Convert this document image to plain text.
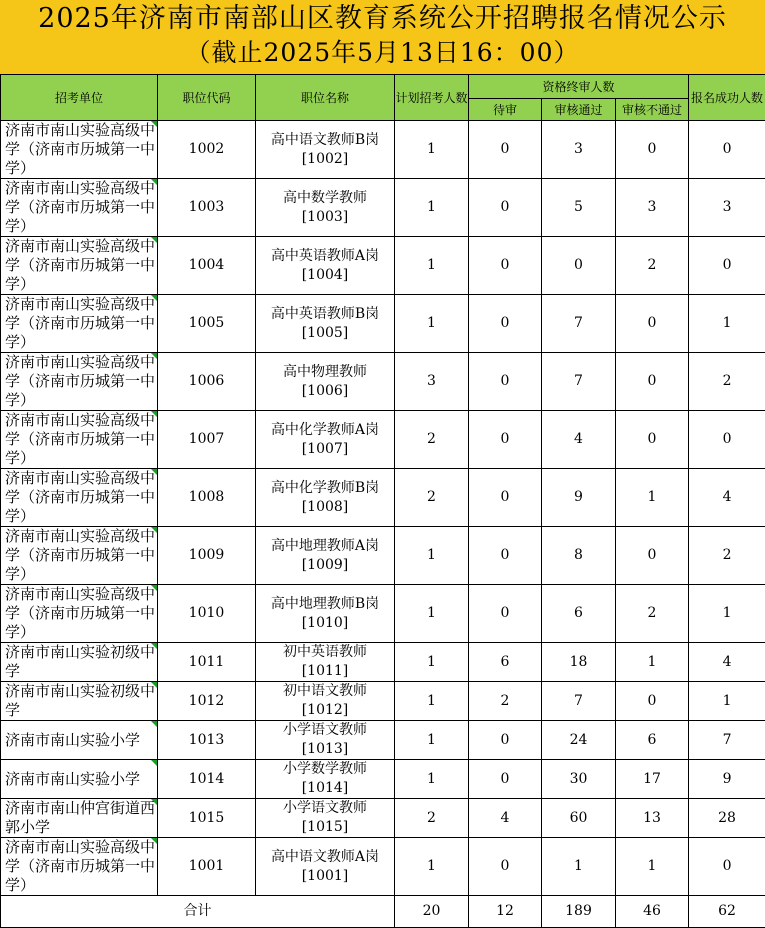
2025年济南市南部山区教育系统公开招聘报名情况公示
（截止2025年5月13日16：00）
招考单位	职位代码	职位名称	计划招考人数	资格终审人数			报名成功人数
				待审	审核通过	审核不通过	

济南市南山实验高级中学（济南市历城第一中学）	1002	高中语文教师B岗[1002]	1	0	3	0	0

济南市南山实验高级中学（济南市历城第一中学）	1003	高中数学教师[1003]	1	0	5	3	3

济南市南山实验高级中学（济南市历城第一中学）	1004	高中英语教师A岗[1004]	1	0	0	2	0

济南市南山实验高级中学（济南市历城第一中学）	1005	高中英语教师B岗[1005]	1	0	7	0	1

济南市南山实验高级中学（济南市历城第一中学）	1006	高中物理教师[1006]	3	0	7	0	2

济南市南山实验高级中学（济南市历城第一中学）	1007	高中化学教师A岗[1007]	2	0	4	0	0

济南市南山实验高级中学（济南市历城第一中学）	1008	高中化学教师B岗[1008]	2	0	9	1	4

济南市南山实验高级中学（济南市历城第一中学）	1009	高中地理教师A岗[1009]	1	0	8	0	2

济南市南山实验高级中学（济南市历城第一中学）	1010	高中地理教师B岗[1010]	1	0	6	2	1

济南市南山实验初级中学	1011	初中英语教师[1011]	1	6	18	1	4

济南市南山实验初级中学	1012	初中语文教师[1012]	1	2	7	0	1

济南市南山实验小学	1013	小学语文教师[1013]	1	0	24	6	7

济南市南山实验小学	1014	小学数学教师[1014]	1	0	30	17	9

济南市南山仲宫街道西郭小学	1015	小学语文教师[1015]	2	4	60	13	28

济南市南山实验高级中学（济南市历城第一中学）	1001	高中语文教师A岗[1001]	1	0	1	1	0
合计			20	12	189	46	62
